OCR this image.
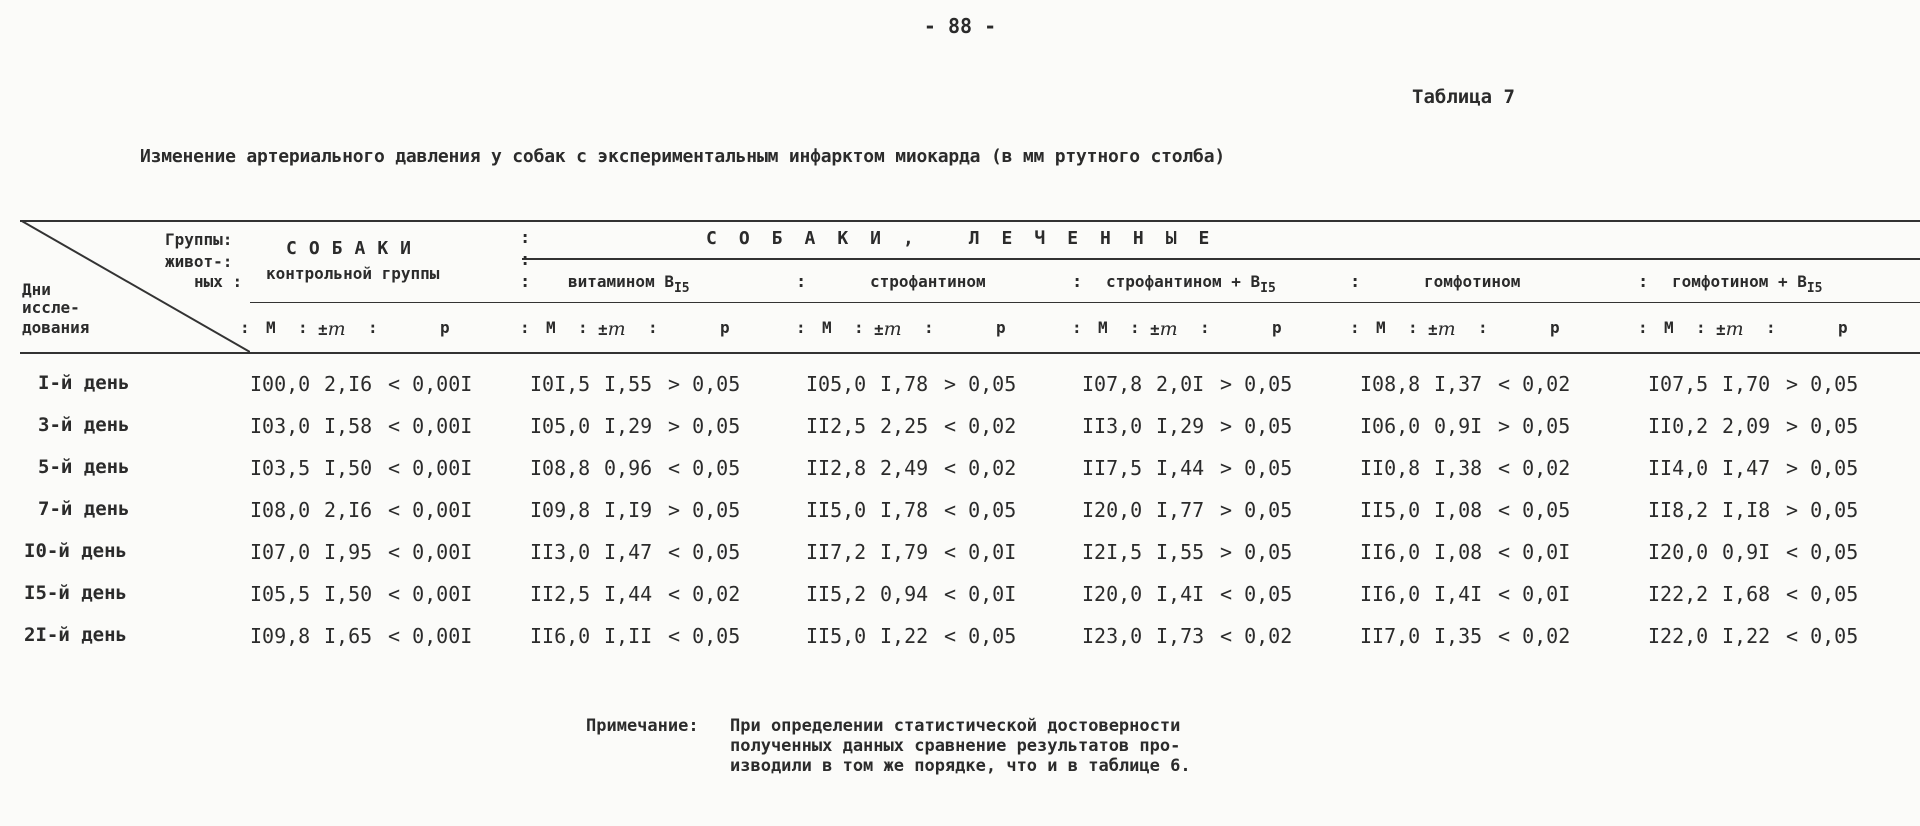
- 88 -
Таблица 7
Изменение артериального давления у собак с экспериментальным инфарктом миокарда (в мм ртутного столба)
Группы:
живот-:
ных :
Дни
иссле-
дования
СОБАКИ
контрольной группы
СОБАКИ, ЛЕЧЕННЫЕ
витамином $B_{I5}$	строфантином	строфантином + $B_{I5}$	гомфотином	гомфотином + $B_{I5}$
:
:
:	:	:	:	:
: М : ±m :	p	: М : ±m :	p	: М : ±m :	p	: М : ±m :	p	: М : ±m :	p	: М : ±m :	p
I-й день	I00,0 2,I6 < 0,00I	I0I,5 I,55 > 0,05	I05,0 I,78 > 0,05	I07,8 2,0I > 0,05	I08,8 I,37 < 0,02	I07,5 I,70 > 0,05
3-й день	I03,0 I,58 < 0,00I	I05,0 I,29 > 0,05	II2,5 2,25 < 0,02	II3,0 I,29 > 0,05	I06,0 0,9I > 0,05	II0,2 2,09 > 0,05
5-й день	I03,5 I,50 < 0,00I	I08,8 0,96 < 0,05	II2,8 2,49 < 0,02	II7,5 I,44 > 0,05	II0,8 I,38 < 0,02	II4,0 I,47 > 0,05
7-й день	I08,0 2,I6 < 0,00I	I09,8 I,I9 > 0,05	II5,0 I,78 < 0,05	I20,0 I,77 > 0,05	II5,0 I,08 < 0,05	II8,2 I,I8 > 0,05
I0-й день	I07,0 I,95 < 0,00I	II3,0 I,47 < 0,05	II7,2 I,79 < 0,0I	I2I,5 I,55 > 0,05	II6,0 I,08 < 0,0I	I20,0 0,9I < 0,05
I5-й день	I05,5 I,50 < 0,00I	II2,5 I,44 < 0,02	II5,2 0,94 < 0,0I	I20,0 I,4I < 0,05	II6,0 I,4I < 0,0I	I22,2 I,68 < 0,05
2I-й день	I09,8 I,65 < 0,00I	II6,0 I,II < 0,05	II5,0 I,22 < 0,05	I23,0 I,73 < 0,02	II7,0 I,35 < 0,02	I22,0 I,22 < 0,05
Примечание: При определении статистической достоверности
полученных данных сравнение результатов про-
изводили в том же порядке, что и в таблице 6.
